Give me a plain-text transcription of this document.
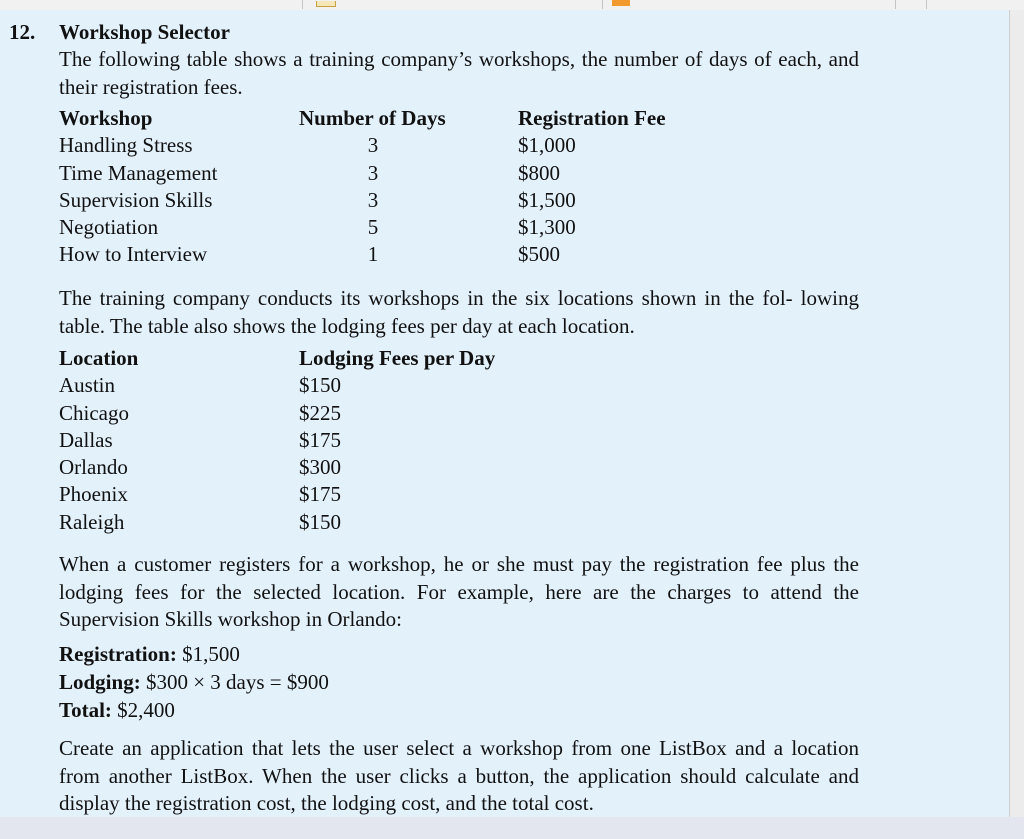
12. Workshop Selector

The following table shows a training company’s workshops, the number of days of each, and their registration fees.

Workshop	Number of Days	Registration Fee
Handling Stress	3	$1,000
Time Management	3	$800
Supervision Skills	3	$1,500
Negotiation	5	$1,300
How to Interview	1	$500

The training company conducts its workshops in the six locations shown in the fol- lowing table. The table also shows the lodging fees per day at each location.

Location	Lodging Fees per Day
Austin	$150
Chicago	$225
Dallas	$175
Orlando	$300
Phoenix	$175
Raleigh	$150

When a customer registers for a workshop, he or she must pay the registration fee plus the lodging fees for the selected location. For example, here are the charges to attend the Supervision Skills workshop in Orlando:

Registration: $1,500
Lodging: $300 × 3 days = $900
Total: $2,400

Create an application that lets the user select a workshop from one ListBox and a location from another ListBox. When the user clicks a button, the application should calculate and display the registration cost, the lodging cost, and the total cost.
